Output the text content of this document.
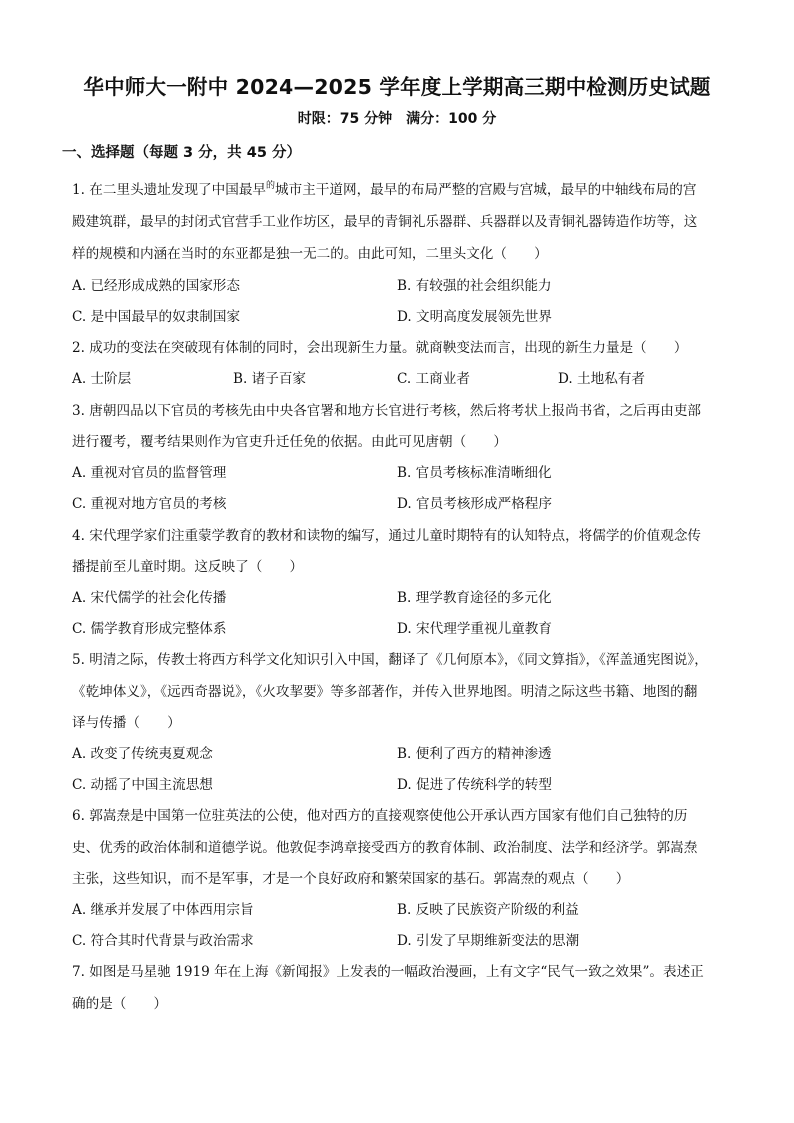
华中师大一附中 2024—2025 学年度上学期高三期中检测历史试题
时限：75 分钟　满分：100 分
一、选择题（每题 3 分，共 45 分）
1. 在二里头遗址发现了中国最早$^的$城市主干道网，最早的布局严整的宫殿与宫城，最早的中轴线布局的宫
殿建筑群，最早的封闭式官营手工业作坊区，最早的青铜礼乐器群、兵器群以及青铜礼器铸造作坊等，这
样的规模和内涵在当时的东亚都是独一无二的。由此可知，二里头文化（　　）
A. 已经形成成熟的国家形态	B. 有较强的社会组织能力
C. 是中国最早的奴隶制国家	D. 文明高度发展领先世界
2. 成功的变法在突破现有体制的同时，会出现新生力量。就商鞅变法而言，出现的新生力量是（　　）
A. 士阶层	B. 诸子百家	C. 工商业者	D. 土地私有者
3. 唐朝四品以下官员的考核先由中央各官署和地方长官进行考核，然后将考状上报尚书省，之后再由吏部
进行覆考，覆考结果则作为官吏升迁任免的依据。由此可见唐朝（　　）
A. 重视对官员的监督管理	B. 官员考核标准清晰细化
C. 重视对地方官员的考核	D. 官员考核形成严格程序
4. 宋代理学家们注重蒙学教育的教材和读物的编写，通过儿童时期特有的认知特点，将儒学的价值观念传
播提前至儿童时期。这反映了（　　）
A. 宋代儒学的社会化传播	B. 理学教育途径的多元化
C. 儒学教育形成完整体系	D. 宋代理学重视儿童教育
5. 明清之际，传教士将西方科学文化知识引入中国，翻译了《几何原本》，《同文算指》，《浑盖通宪图说》，
《乾坤体义》，《远西奇器说》，《火攻挈要》等多部著作，并传入世界地图。明清之际这些书籍、地图的翻
译与传播（　　）
A. 改变了传统夷夏观念	B. 便利了西方的精神渗透
C. 动摇了中国主流思想	D. 促进了传统科学的转型
6. 郭嵩焘是中国第一位驻英法的公使，他对西方的直接观察使他公开承认西方国家有他们自己独特的历
史、优秀的政治体制和道德学说。他敦促李鸿章接受西方的教育体制、政治制度、法学和经济学。郭嵩焘
主张，这些知识，而不是军事，才是一个良好政府和繁荣国家的基石。郭嵩焘的观点（　　）
A. 继承并发展了中体西用宗旨	B. 反映了民族资产阶级的利益
C. 符合其时代背景与政治需求	D. 引发了早期维新变法的思潮
7. 如图是马星驰 1919 年在上海《新闻报》上发表的一幅政治漫画，上有文字“民气一致之效果”。表述正
确的是（　　）
